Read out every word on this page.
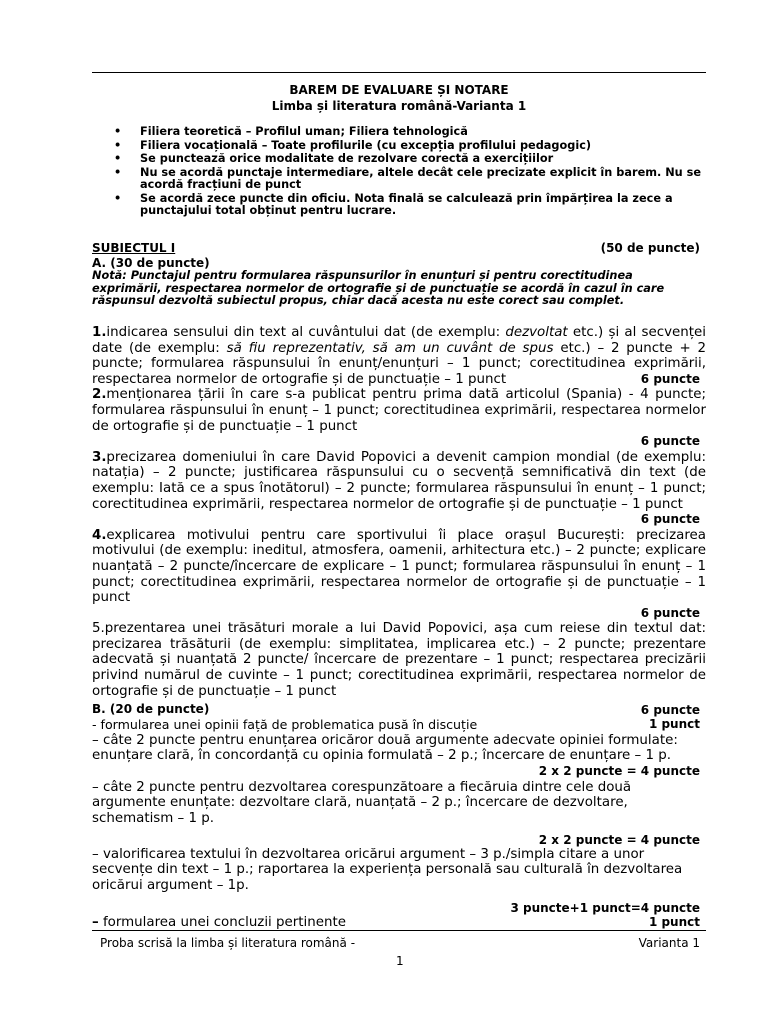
BAREM DE EVALUARE ȘI NOTARE
Limba și literatura română-Varianta 1
• Filiera teoretică – Profilul uman; Filiera tehnologică
• Filiera vocațională – Toate profilurile (cu excepția profilului pedagogic)
• Se punctează orice modalitate de rezolvare corectă a exercițiilor
• Nu se acordă punctaje intermediare, altele decât cele precizate explicit în barem. Nu se acordă fracțiuni de punct
• Se acordă zece puncte din oficiu. Nota finală se calculează prin împărțirea la zece a punctajului total obținut pentru lucrare.
SUBIECTUL I	(50 de puncte)
A. (30 de puncte)
Notă: Punctajul pentru formularea răspunsurilor în enunțuri și pentru corectitudinea exprimării, respectarea normelor de ortografie și de punctuație se acordă în cazul în care răspunsul dezvoltă subiectul propus, chiar dacă acesta nu este corect sau complet.

1.indicarea sensului din text al cuvântului dat (de exemplu: dezvoltat etc.) și al secvenței date (de exemplu: să fiu reprezentativ, să am un cuvânt de spus etc.) – 2 puncte + 2 puncte; formularea răspunsului în enunț/enunțuri – 1 punct; corectitudinea exprimării, respectarea normelor de ortografie și de punctuație – 1 punct	6 puncte

2.menționarea țării în care s-a publicat pentru prima dată articolul (Spania) - 4 puncte; formularea răspunsului în enunț – 1 punct; corectitudinea exprimării, respectarea normelor de ortografie și de punctuație – 1 punct
6 puncte

3.precizarea domeniului în care David Popovici a devenit campion mondial (de exemplu: natația) – 2 puncte; justificarea răspunsului cu o secvență semnificativă din text (de exemplu: Iată ce a spus înotătorul) – 2 puncte; formularea răspunsului în enunț – 1 punct; corectitudinea exprimării, respectarea normelor de ortografie și de punctuație – 1 punct
6 puncte

4.explicarea motivului pentru care sportivului îi place orașul București: precizarea motivului (de exemplu: ineditul, atmosfera, oamenii, arhitectura etc.) – 2 puncte; explicare nuanțată – 2 puncte/încercare de explicare – 1 punct; formularea răspunsului în enunț – 1 punct; corectitudinea exprimării, respectarea normelor de ortografie și de punctuație – 1 punct
6 puncte

5.prezentarea unei trăsături morale a lui David Popovici, așa cum reiese din textul dat: precizarea trăsăturii (de exemplu: simplitatea, implicarea etc.) – 2 puncte; prezentare adecvată și nuanțată 2 puncte/ încercare de prezentare – 1 punct; respectarea precizării privind numărul de cuvinte – 1 punct; corectitudinea exprimării, respectarea normelor de ortografie și de punctuație – 1 punct
6 puncte

B. (20 de puncte)
- formularea unei opinii față de problematica pusă în discuție	1 punct
– câte 2 puncte pentru enunțarea oricăror două argumente adecvate opiniei formulate: enunțare clară, în concordanță cu opinia formulată – 2 p.; încercare de enunțare – 1 p.
2 x 2 puncte = 4 puncte
– câte 2 puncte pentru dezvoltarea corespunzătoare a fiecăruia dintre cele două argumente enunțate: dezvoltare clară, nuanțată – 2 p.; încercare de dezvoltare, schematism – 1 p.
2 x 2 puncte = 4 puncte
– valorificarea textului în dezvoltarea oricărui argument – 3 p./simpla citare a unor secvențe din text – 1 p.; raportarea la experiența personală sau culturală în dezvoltarea oricărui argument – 1p.
3 puncte+1 punct=4 puncte
– formularea unei concluzii pertinente	1 punct
Proba scrisă la limba și literatura română -	Varianta 1
1
